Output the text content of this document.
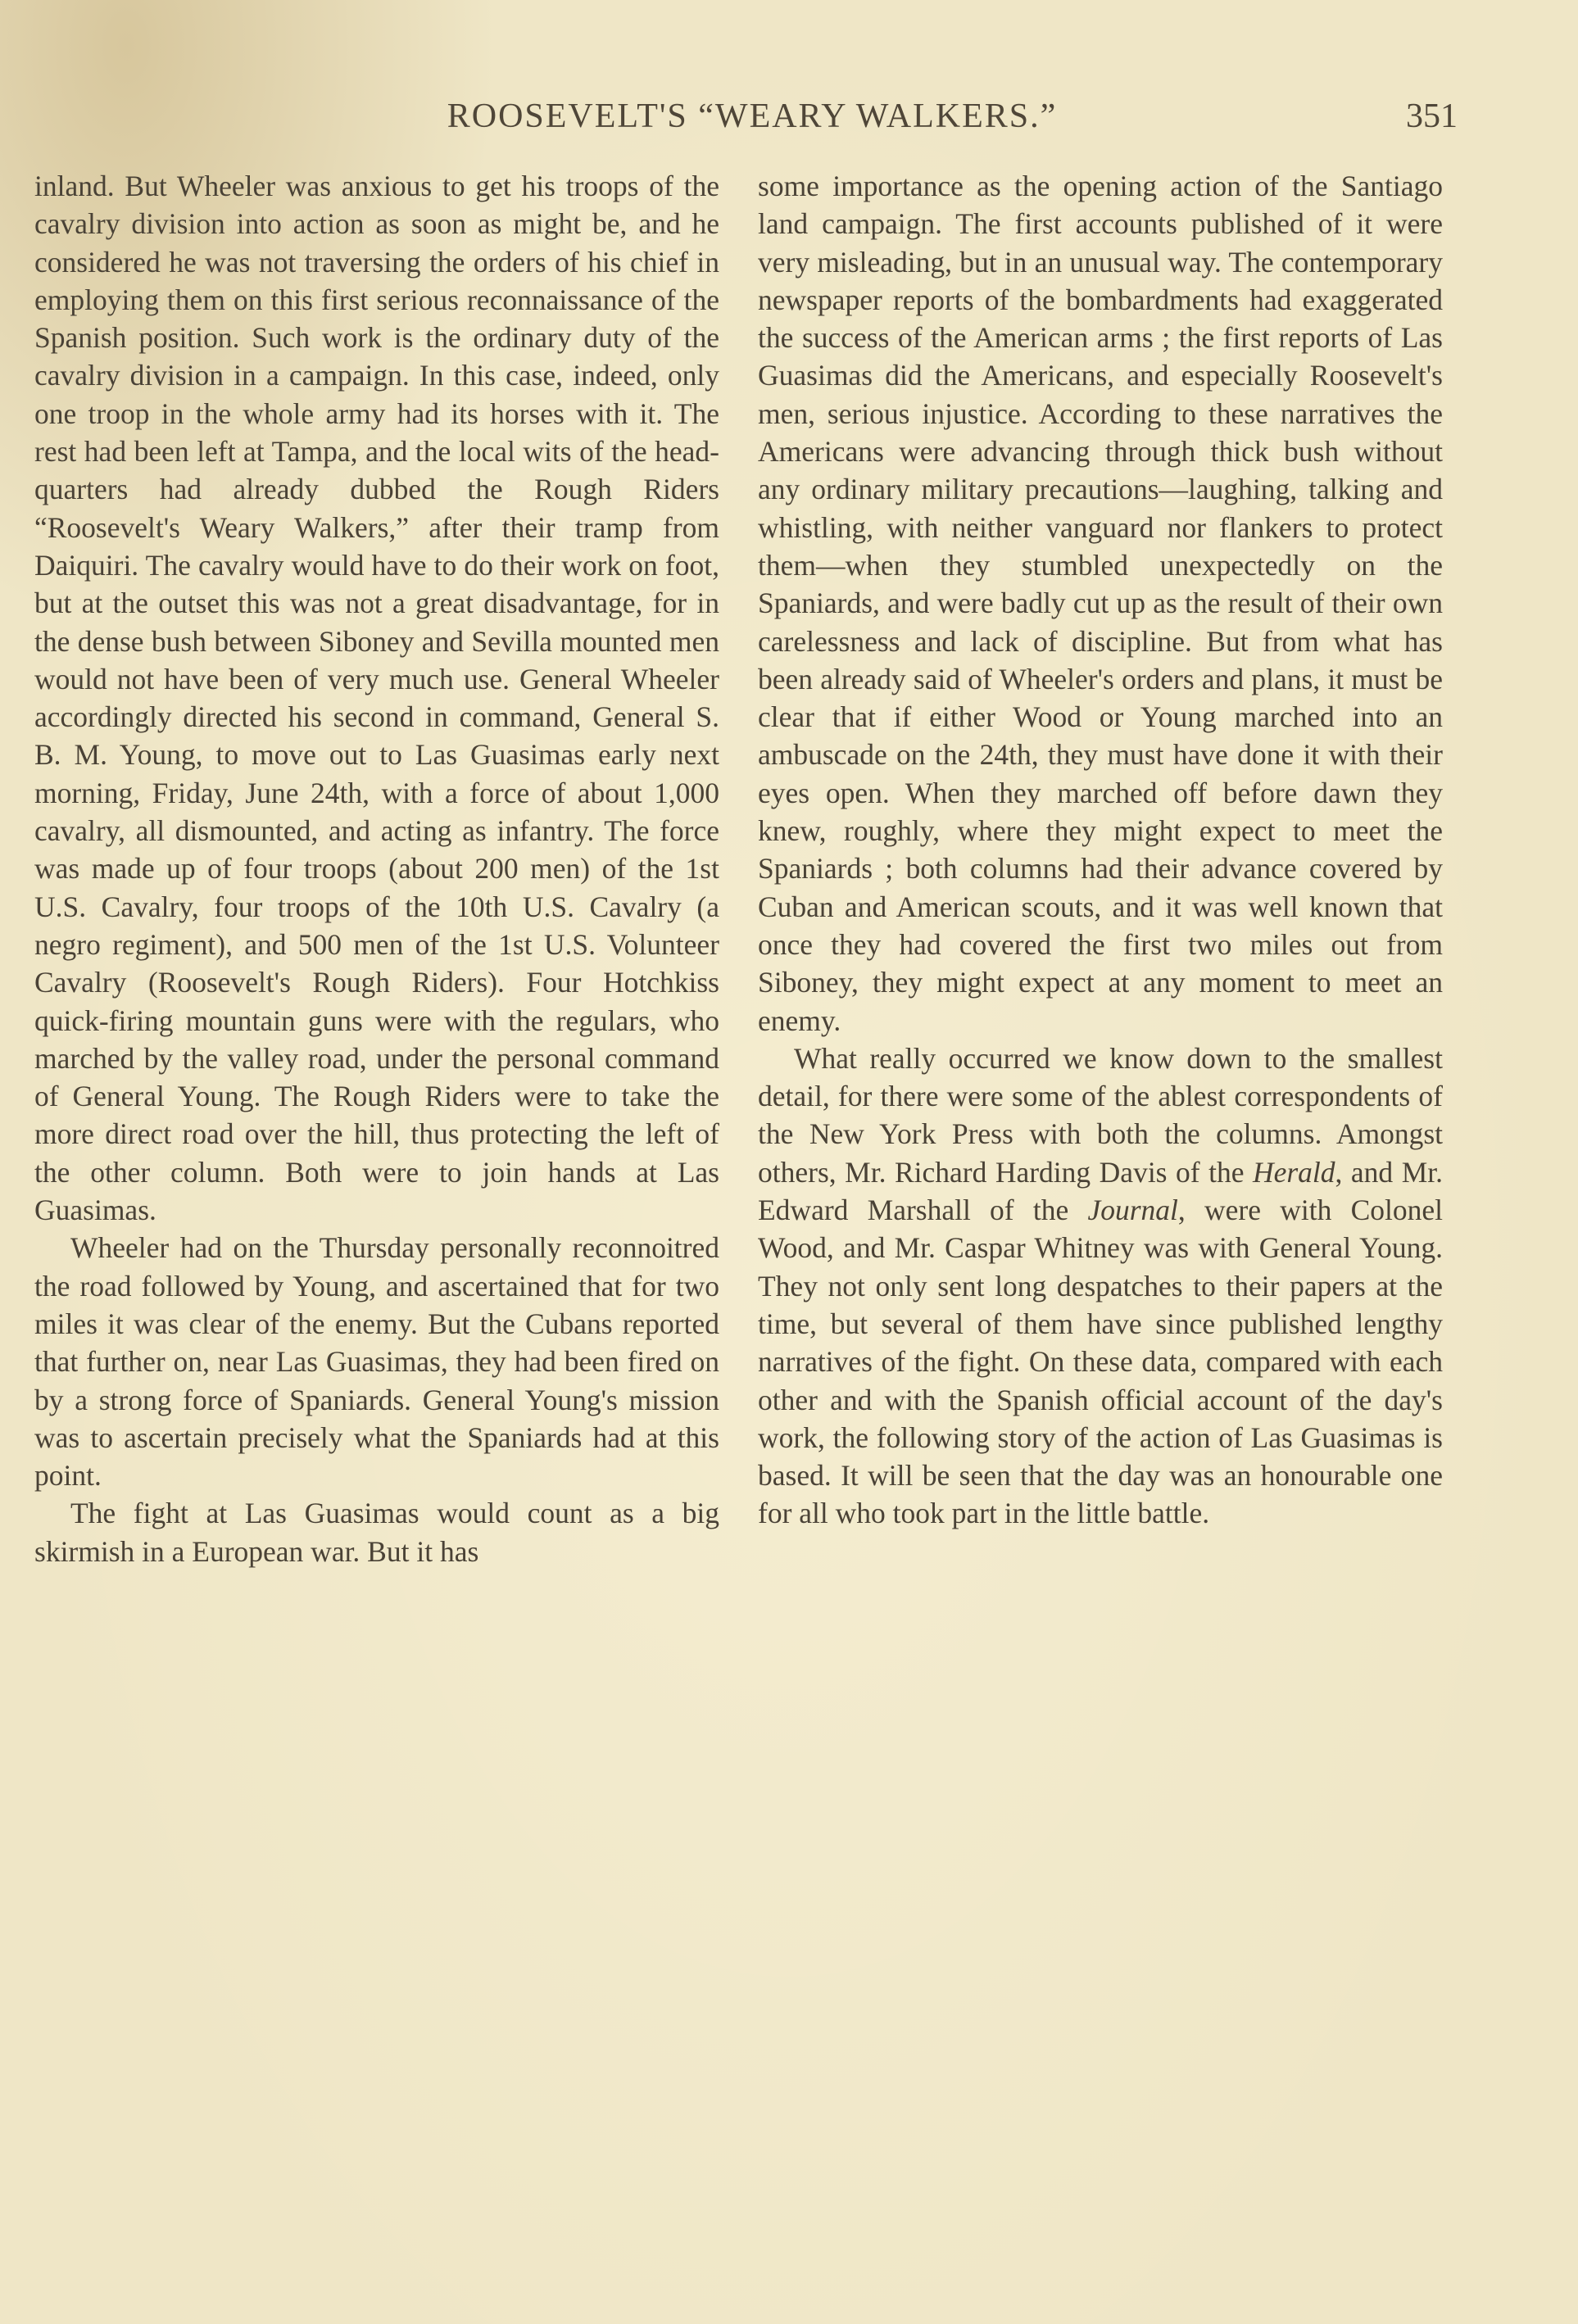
ROOSEVELT'S “WEARY WALKERS.”	351

inland. But Wheeler was anxious to get his troops of the cavalry division into action as soon as might be, and he considered he was not traversing the orders of his chief in employing them on this first serious reconnaissance of the Spanish position. Such work is the ordinary duty of the cavalry division in a campaign. In this case, indeed, only one troop in the whole army had its horses with it. The rest had been left at Tampa, and the local wits of the head-quarters had already dubbed the Rough Riders “Roosevelt's Weary Walkers,” after their tramp from Daiquiri. The cavalry would have to do their work on foot, but at the outset this was not a great disadvantage, for in the dense bush between Siboney and Sevilla mounted men would not have been of very much use. General Wheeler accordingly directed his second in command, General S. B. M. Young, to move out to Las Guasimas early next morning, Friday, June 24th, with a force of about 1,000 cavalry, all dismounted, and acting as infantry. The force was made up of four troops (about 200 men) of the 1st U.S. Cavalry, four troops of the 10th U.S. Cavalry (a negro regiment), and 500 men of the 1st U.S. Volunteer Cavalry (Roosevelt's Rough Riders). Four Hotchkiss quick-firing mountain guns were with the regulars, who marched by the valley road, under the personal command of General Young. The Rough Riders were to take the more direct road over the hill, thus protecting the left of the other column. Both were to join hands at Las Guasimas.

Wheeler had on the Thursday personally reconnoitred the road followed by Young, and ascertained that for two miles it was clear of the enemy. But the Cubans reported that further on, near Las Guasimas, they had been fired on by a strong force of Spaniards. General Young's mission was to ascertain precisely what the Spaniards had at this point.

The fight at Las Guasimas would count as a big skirmish in a European war. But it has

some importance as the opening action of the Santiago land campaign. The first accounts published of it were very misleading, but in an unusual way. The contemporary newspaper reports of the bombardments had exaggerated the success of the American arms ; the first reports of Las Guasimas did the Americans, and especially Roosevelt's men, serious injustice. According to these narratives the Americans were advancing through thick bush without any ordinary military precautions—laughing, talking and whistling, with neither vanguard nor flankers to protect them—when they stumbled unexpectedly on the Spaniards, and were badly cut up as the result of their own carelessness and lack of discipline. But from what has been already said of Wheeler's orders and plans, it must be clear that if either Wood or Young marched into an ambuscade on the 24th, they must have done it with their eyes open. When they marched off before dawn they knew, roughly, where they might expect to meet the Spaniards ; both columns had their advance covered by Cuban and American scouts, and it was well known that once they had covered the first two miles out from Siboney, they might expect at any moment to meet an enemy.

What really occurred we know down to the smallest detail, for there were some of the ablest correspondents of the New York Press with both the columns. Amongst others, Mr. Richard Harding Davis of the Herald, and Mr. Edward Marshall of the Journal, were with Colonel Wood, and Mr. Caspar Whitney was with General Young. They not only sent long despatches to their papers at the time, but several of them have since published lengthy narratives of the fight. On these data, compared with each other and with the Spanish official account of the day's work, the following story of the action of Las Guasimas is based. It will be seen that the day was an honourable one for all who took part in the little battle.
